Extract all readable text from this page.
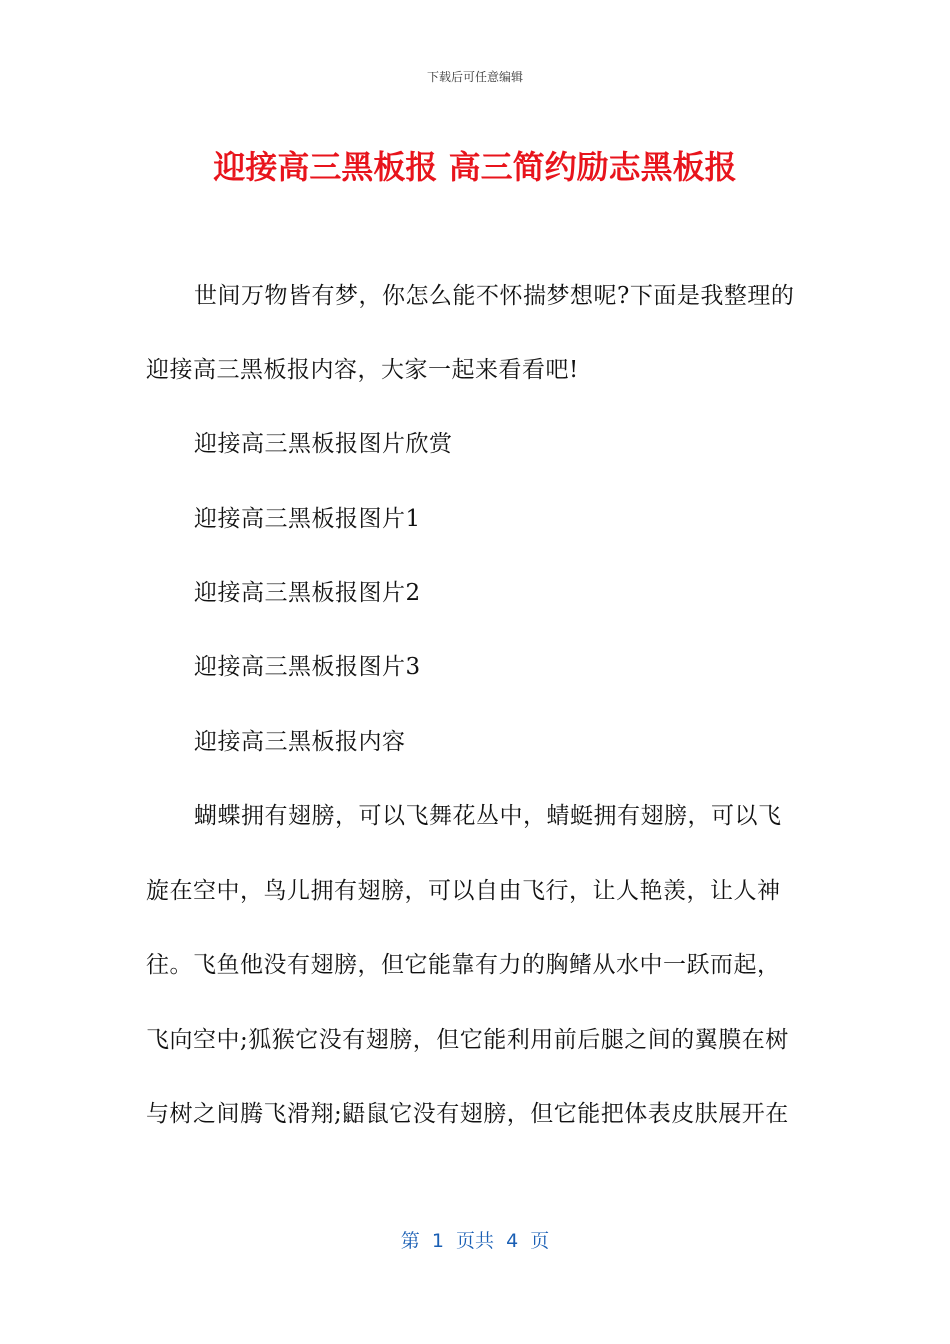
下载后可任意编辑
迎接高三黑板报 高三简约励志黑板报
世间万物皆有梦，你怎么能不怀揣梦想呢?下面是我整理的
迎接高三黑板报内容，大家一起来看看吧!
迎接高三黑板报图片欣赏
迎接高三黑板报图片1
迎接高三黑板报图片2
迎接高三黑板报图片3
迎接高三黑板报内容
蝴蝶拥有翅膀，可以飞舞花丛中，蜻蜓拥有翅膀，可以飞
旋在空中，鸟儿拥有翅膀，可以自由飞行，让人艳羡，让人神
往。飞鱼他没有翅膀，但它能靠有力的胸鳍从水中一跃而起，
飞向空中;狐猴它没有翅膀，但它能利用前后腿之间的翼膜在树
与树之间腾飞滑翔;鼯鼠它没有翅膀，但它能把体表皮肤展开在
第  1  页共  4  页
